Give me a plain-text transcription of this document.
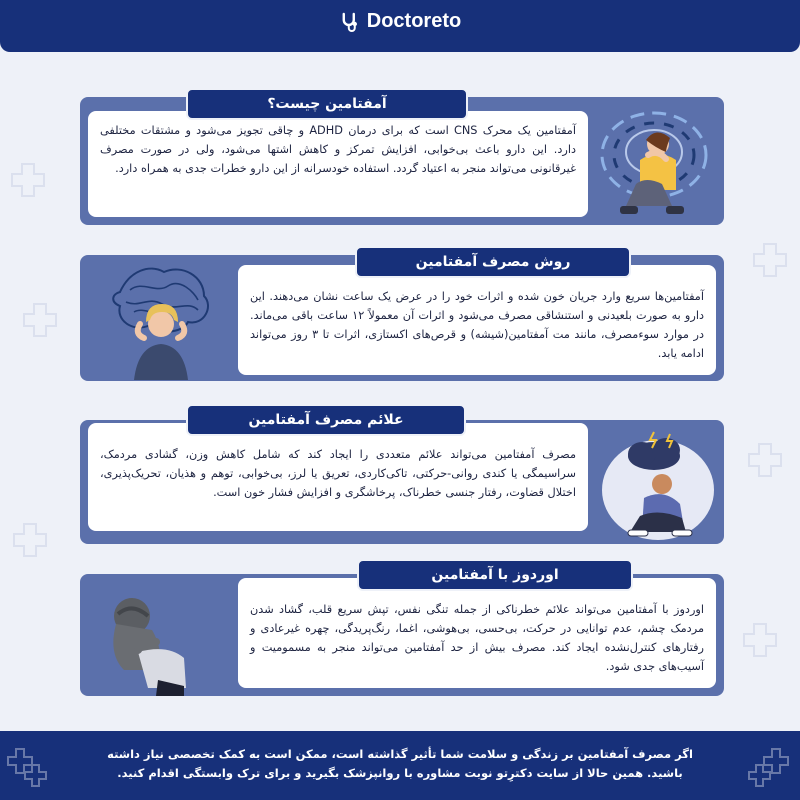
Doctoreto
آمفتامین یک محرک CNS است که برای درمان ADHD و چاقی تجویز می‌شود و مشتقات مختلفی دارد. این دارو باعث بی‌خوابی، افزایش تمرکز و کاهش اشتها می‌شود، ولی در صورت مصرف غیرقانونی می‌تواند منجر به اعتیاد گردد. استفاده خودسرانه از این دارو خطرات جدی به همراه دارد.
آمفتامین چیست؟
آمفتامین‌ها سریع وارد جریان خون شده و اثرات خود را در عرض یک ساعت نشان می‌دهند. این دارو به صورت بلعیدنی و استنشاقی مصرف می‌شود و اثرات آن معمولاً ۱۲ ساعت باقی می‌ماند. در موارد سوءمصرف، مانند مت آمفتامین(شیشه) و قرص‌های اکستازی، اثرات تا ۳ روز می‌تواند ادامه یابد.
روش مصرف آمفتامین
مصرف آمفتامین می‌تواند علائم متعددی را ایجاد کند که شامل کاهش وزن، گشادی مردمک، سراسیمگی یا کندی روانی-حرکتی، تاکی‌کاردی، تعریق یا لرز، بی‌خوابی، توهم و هذیان، تحریک‌پذیری، اختلال قضاوت، رفتار جنسی خطرناک، پرخاشگری و افزایش فشار خون است.
علائم مصرف آمفتامین
اوردوز با آمفتامین می‌تواند علائم خطرناکی از جمله تنگی نفس، تپش سریع قلب، گشاد شدن مردمک چشم، عدم توانایی در حرکت، بی‌حسی، بی‌هوشی، اغما، رنگ‌پریدگی، چهره غیرعادی و رفتارهای کنترل‌نشده ایجاد کند. مصرف بیش از حد آمفتامین می‌تواند منجر به مسمومیت و آسیب‌های جدی شود.
اوردوز با آمفتامین
اگر مصرف آمفتامین بر زندگی و سلامت شما تأثیر گذاشته است، ممکن است به کمک تخصصی نیاز داشته باشید. همین حالا از سایت دکترِتو نوبت مشاوره با روانپزشک بگیرید و برای ترک وابستگی اقدام کنید.
